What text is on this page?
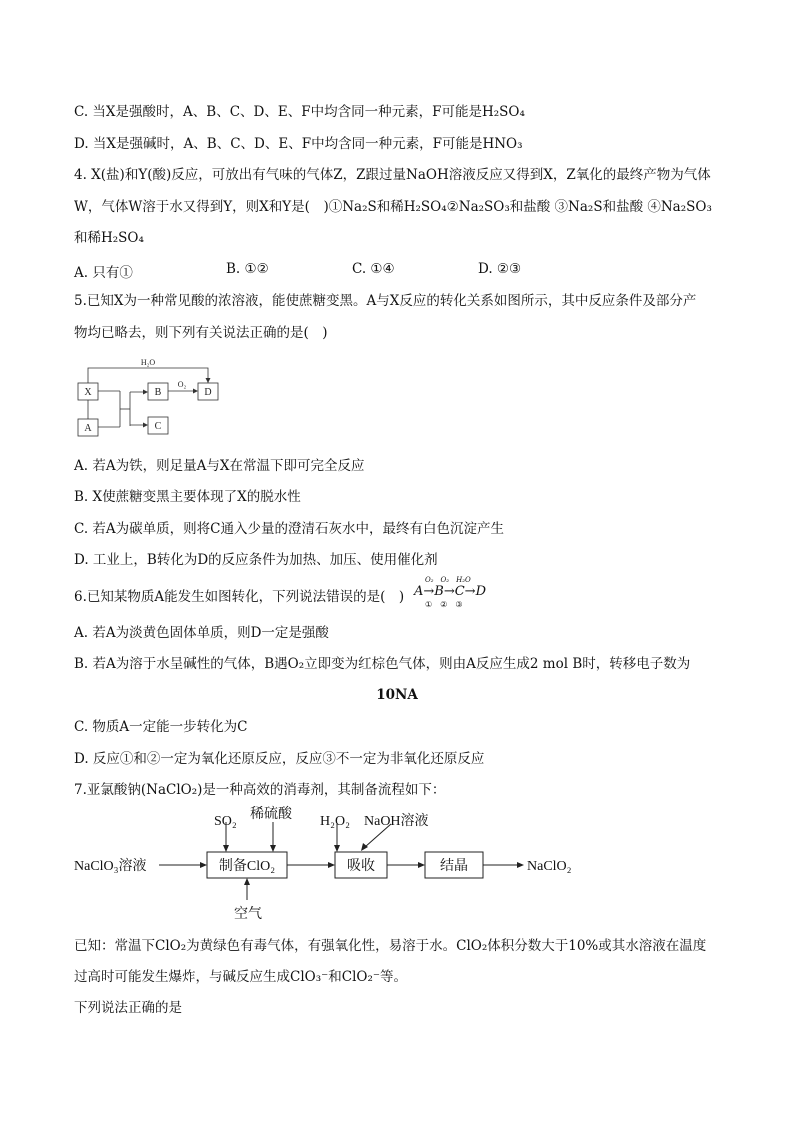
C. 当X是强酸时，A、B、C、D、E、F中均含同一种元素，F可能是H₂SO₄
D. 当X是强碱时，A、B、C、D、E、F中均含同一种元素，F可能是HNO₃
4. X(盐)和Y(酸)反应，可放出有气味的气体Z，Z跟过量NaOH溶液反应又得到X，Z氧化的最终产物为气体
W，气体W溶于水又得到Y，则X和Y是(　)①Na₂S和稀H₂SO₄②Na₂SO₃和盐酸 ③Na₂S和盐酸 ④Na₂SO₃
和稀H₂SO₄
A. 只有①	B. ①②	C. ①④	D. ②③
5.已知X为一种常见酸的浓溶液，能使蔗糖变黑。A与X反应的转化关系如图所示，其中反应条件及部分产
物均已略去，则下列有关说法正确的是(　)
X
A
B
C
D
H₂O
O₂
A. 若A为铁，则足量A与X在常温下即可完全反应
B. X使蔗糖变黑主要体现了X的脱水性
C. 若A为碳单质，则将C通入少量的澄清石灰水中，最终有白色沉淀产生
D. 工业上，B转化为D的反应条件为加热、加压、使用催化剂
6.已知某物质A能发生如图转化，下列说法错误的是(　)
O₂　O₂　H₂O
A→B→C→D
①　②　③
A. 若A为淡黄色固体单质，则D一定是强酸
B. 若A为溶于水呈碱性的气体，B遇O₂立即变为红棕色气体，则由A反应生成2 mol B时，转移电子数为
10NA
C. 物质A一定能一步转化为C
D. 反应①和②一定为氧化还原反应，反应③不一定为非氧化还原反应
7.亚氯酸钠(NaClO₂)是一种高效的消毒剂，其制备流程如下：
NaClO₃溶液
SO₂ 稀硫酸 H₂O₂ NaOH溶液
制备ClO₂	吸收	结晶	NaClO₂
空气
已知：常温下ClO₂为黄绿色有毒气体，有强氧化性，易溶于水。ClO₂体积分数大于10%或其水溶液在温度
过高时可能发生爆炸，与碱反应生成ClO₃⁻和ClO₂⁻等。
下列说法正确的是
